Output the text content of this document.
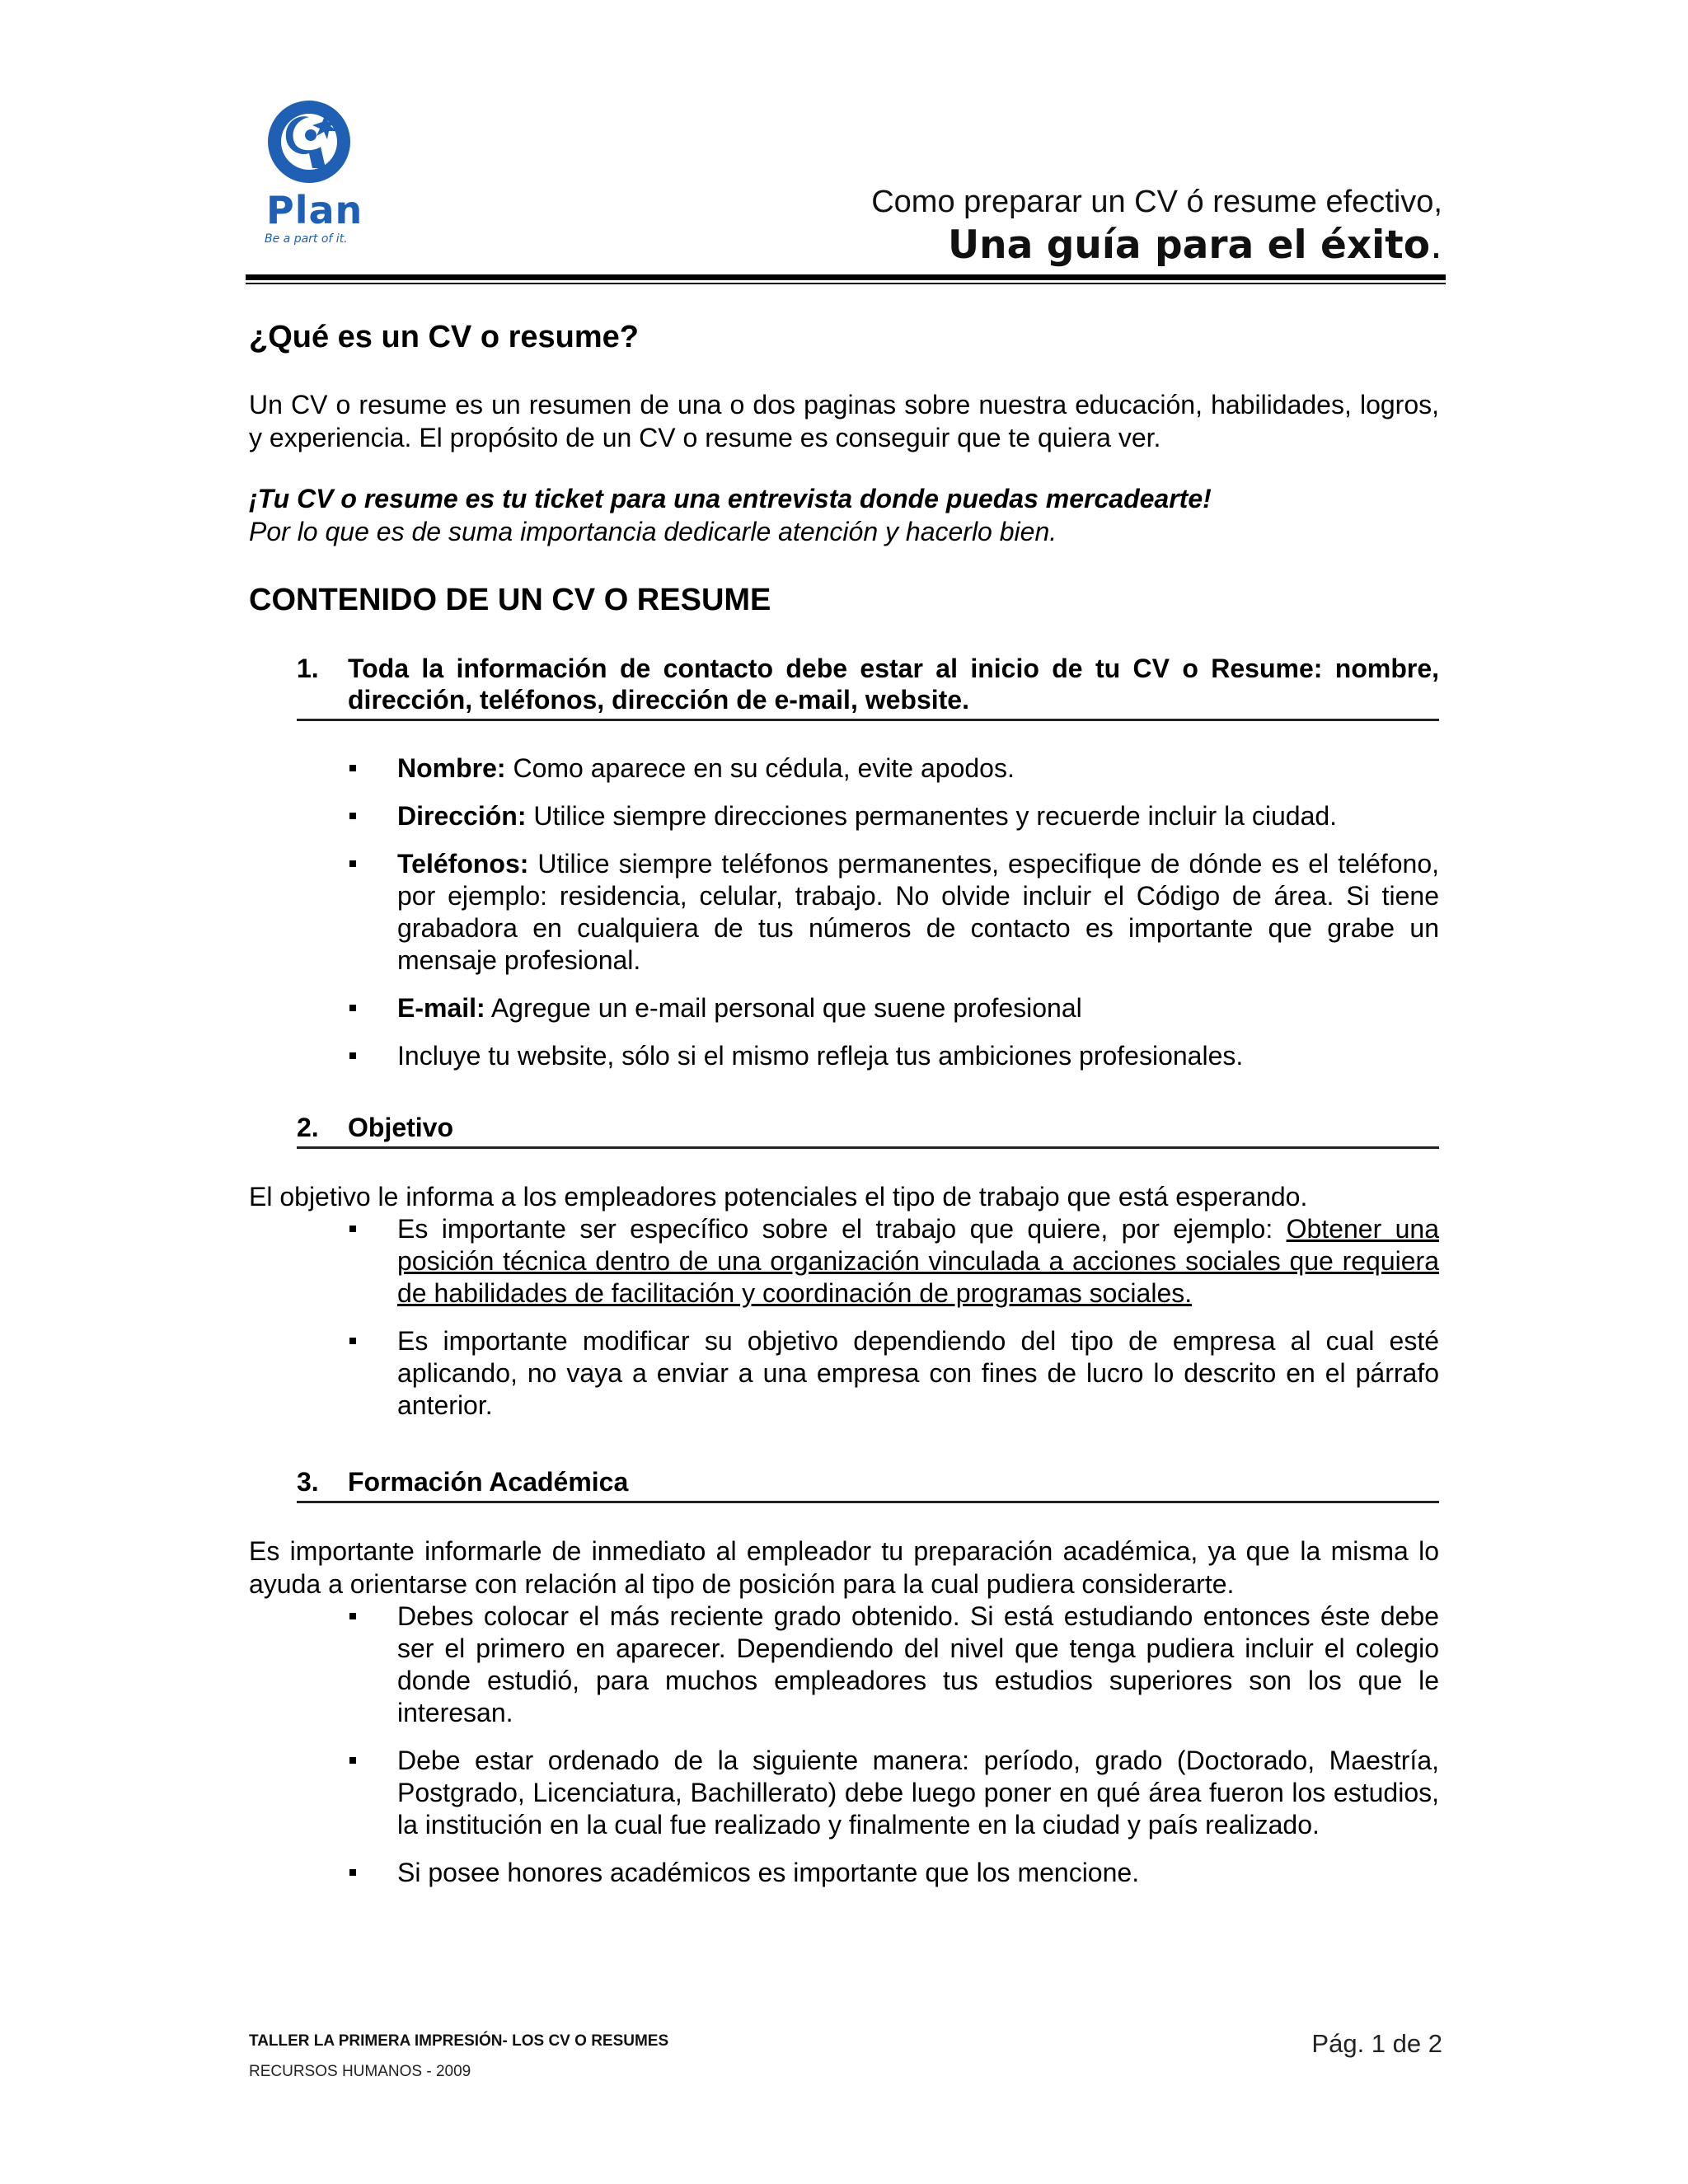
Plan
Be a part of it.
Como preparar un CV ó resume efectivo,
Una guía para el éxito.
¿Qué es un CV o resume?

Un CV o resume es un resumen de una o dos paginas sobre nuestra educación, habilidades, logros, y experiencia. El propósito de un CV o resume es conseguir que te quiera ver.

¡Tu CV o resume es tu ticket para una entrevista donde puedas mercadearte!

Por lo que es de suma importancia dedicarle atención y hacerlo bien.

CONTENIDO DE UN CV O RESUME
1.	Toda la información de contacto debe estar al inicio de tu CV o Resume: nombre, dirección, teléfonos, dirección de e-mail, website.
Nombre: Como aparece en su cédula, evite apodos.
Dirección: Utilice siempre direcciones permanentes y recuerde incluir la ciudad.
Teléfonos: Utilice siempre teléfonos permanentes, especifique de dónde es el teléfono, por ejemplo: residencia, celular, trabajo. No olvide incluir el Código de área. Si tiene grabadora en cualquiera de tus números de contacto es importante que grabe un mensaje profesional.
E-mail: Agregue un e-mail personal que suene profesional
Incluye tu website, sólo si el mismo refleja tus ambiciones profesionales.
2.	Objetivo

El objetivo le informa a los empleadores potenciales el tipo de trabajo que está esperando.

Es importante ser específico sobre el trabajo que quiere, por ejemplo: Obtener una posición técnica dentro de una organización vinculada a acciones sociales que requiera de habilidades de facilitación y coordinación de programas sociales.
Es importante modificar su objetivo dependiendo del tipo de empresa al cual esté aplicando, no vaya a enviar a una empresa con fines de lucro lo descrito en el párrafo anterior.
3.	Formación Académica

Es importante informarle de inmediato al empleador tu preparación académica, ya que la misma lo ayuda a orientarse con relación al tipo de posición para la cual pudiera considerarte.

Debes colocar el más reciente grado obtenido. Si está estudiando entonces éste debe ser el primero en aparecer. Dependiendo del nivel que tenga pudiera incluir el colegio donde estudió, para muchos empleadores tus estudios superiores son los que le interesan.
Debe estar ordenado de la siguiente manera: período, grado (Doctorado, Maestría, Postgrado, Licenciatura, Bachillerato) debe luego poner en qué área fueron los estudios, la institución en la cual fue realizado y finalmente en la ciudad y país realizado.
Si posee honores académicos es importante que los mencione.
TALLER LA PRIMERA IMPRESIÓN- LOS CV O RESUMES
RECURSOS HUMANOS - 2009
Pág. 1 de 2
